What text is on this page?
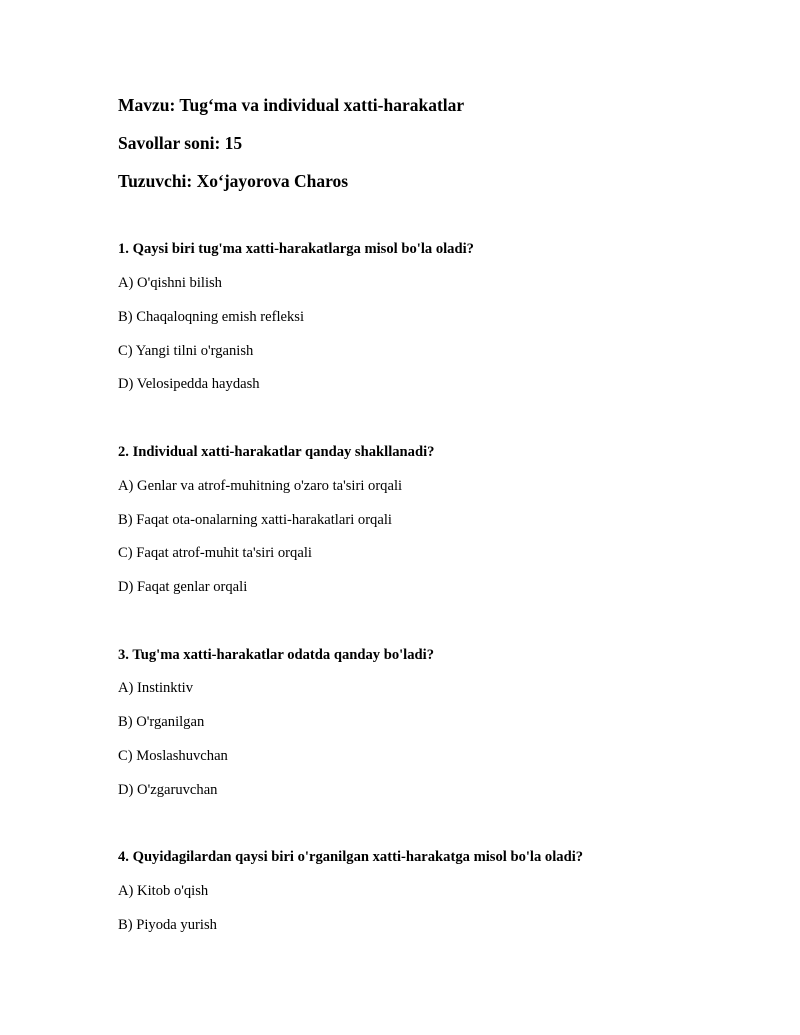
Mavzu: Tug‘ma va individual xatti-harakatlar
Savollar soni: 15
Tuzuvchi: Xo‘jayorova Charos
1. Qaysi biri tug'ma xatti-harakatlarga misol bo'la oladi?
A) O'qishni bilish
B) Chaqaloqning emish refleksi
C) Yangi tilni o'rganish
D) Velosipedda haydash
2. Individual xatti-harakatlar qanday shakllanadi?
A) Genlar va atrof-muhitning o'zaro ta'siri orqali
B) Faqat ota-onalarning xatti-harakatlari orqali
C) Faqat atrof-muhit ta'siri orqali
D) Faqat genlar orqali
3. Tug'ma xatti-harakatlar odatda qanday bo'ladi?
A) Instinktiv
B) O'rganilgan
C) Moslashuvchan
D) O'zgaruvchan
4. Quyidagilardan qaysi biri o'rganilgan xatti-harakatga misol bo'la oladi?
A) Kitob o'qish
B) Piyoda yurish
